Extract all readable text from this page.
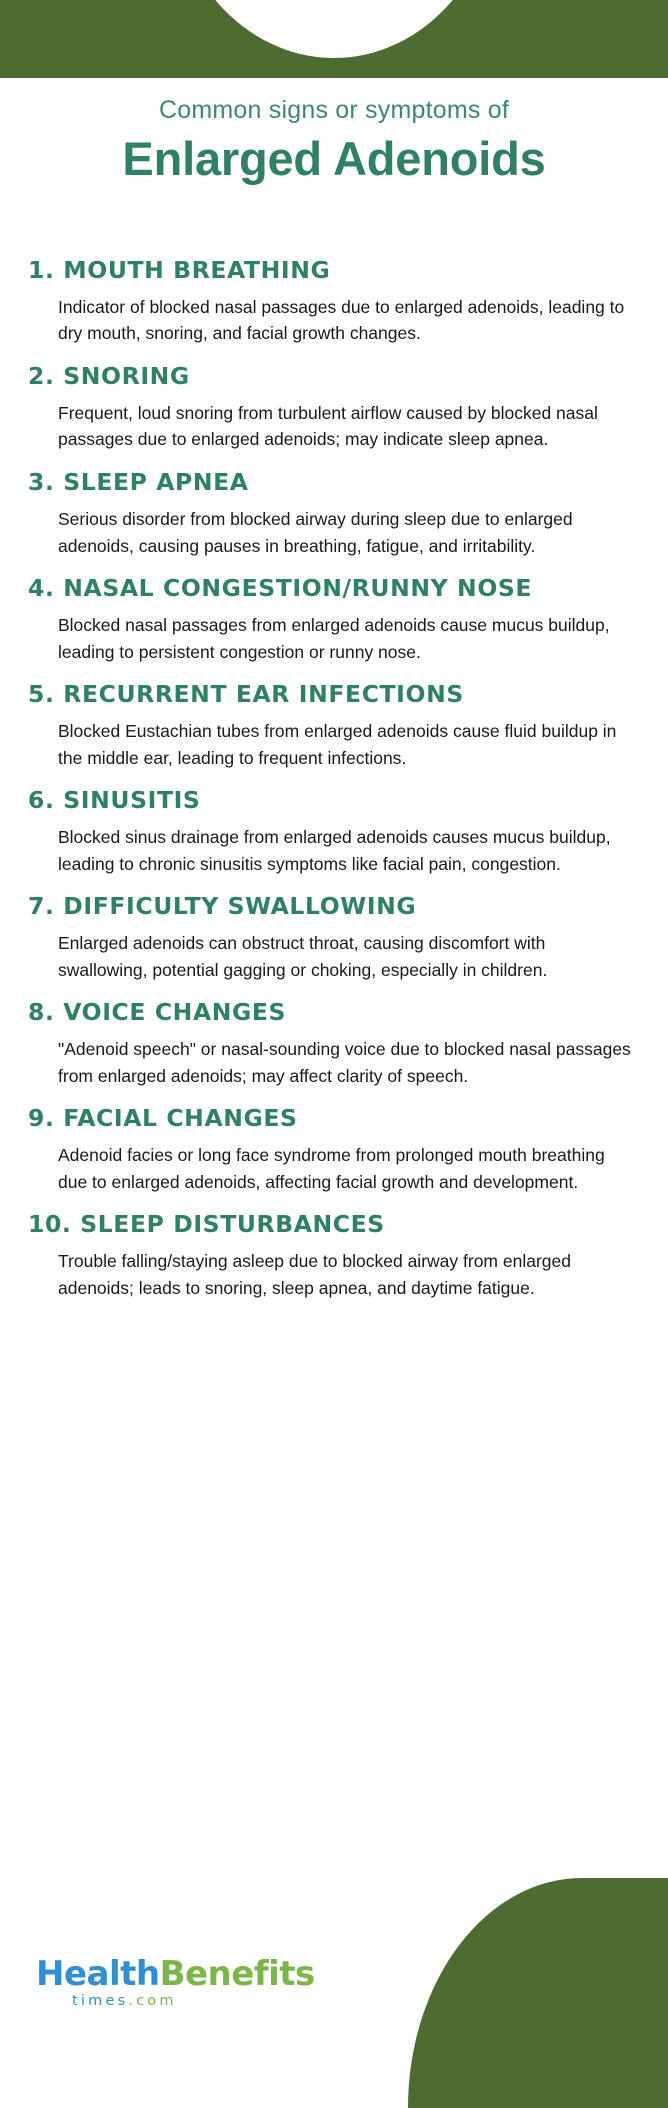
Common signs or symptoms of

Enlarged Adenoids
1. MOUTH BREATHING

Indicator of blocked nasal passages due to enlarged adenoids, leading to dry mouth, snoring, and facial growth changes.

2. SNORING

Frequent, loud snoring from turbulent airflow caused by blocked nasal passages due to enlarged adenoids; may indicate sleep apnea.

3. SLEEP APNEA

Serious disorder from blocked airway during sleep due to enlarged adenoids, causing pauses in breathing, fatigue, and irritability.

4. NASAL CONGESTION/RUNNY NOSE

Blocked nasal passages from enlarged adenoids cause mucus buildup, leading to persistent congestion or runny nose.

5. RECURRENT EAR INFECTIONS

Blocked Eustachian tubes from enlarged adenoids cause fluid buildup in the middle ear, leading to frequent infections.

6. SINUSITIS

Blocked sinus drainage from enlarged adenoids causes mucus buildup, leading to chronic sinusitis symptoms like facial pain, congestion.

7. DIFFICULTY SWALLOWING

Enlarged adenoids can obstruct throat, causing discomfort with swallowing, potential gagging or choking, especially in children.

8. VOICE CHANGES

"Adenoid speech" or nasal-sounding voice due to blocked nasal passages from enlarged adenoids; may affect clarity of speech.

9. FACIAL CHANGES

Adenoid facies or long face syndrome from prolonged mouth breathing due to enlarged adenoids, affecting facial growth and development.

10. SLEEP DISTURBANCES

Trouble falling/staying asleep due to blocked airway from enlarged adenoids; leads to snoring, sleep apnea, and daytime fatigue.

HealthBenefits
times.com
